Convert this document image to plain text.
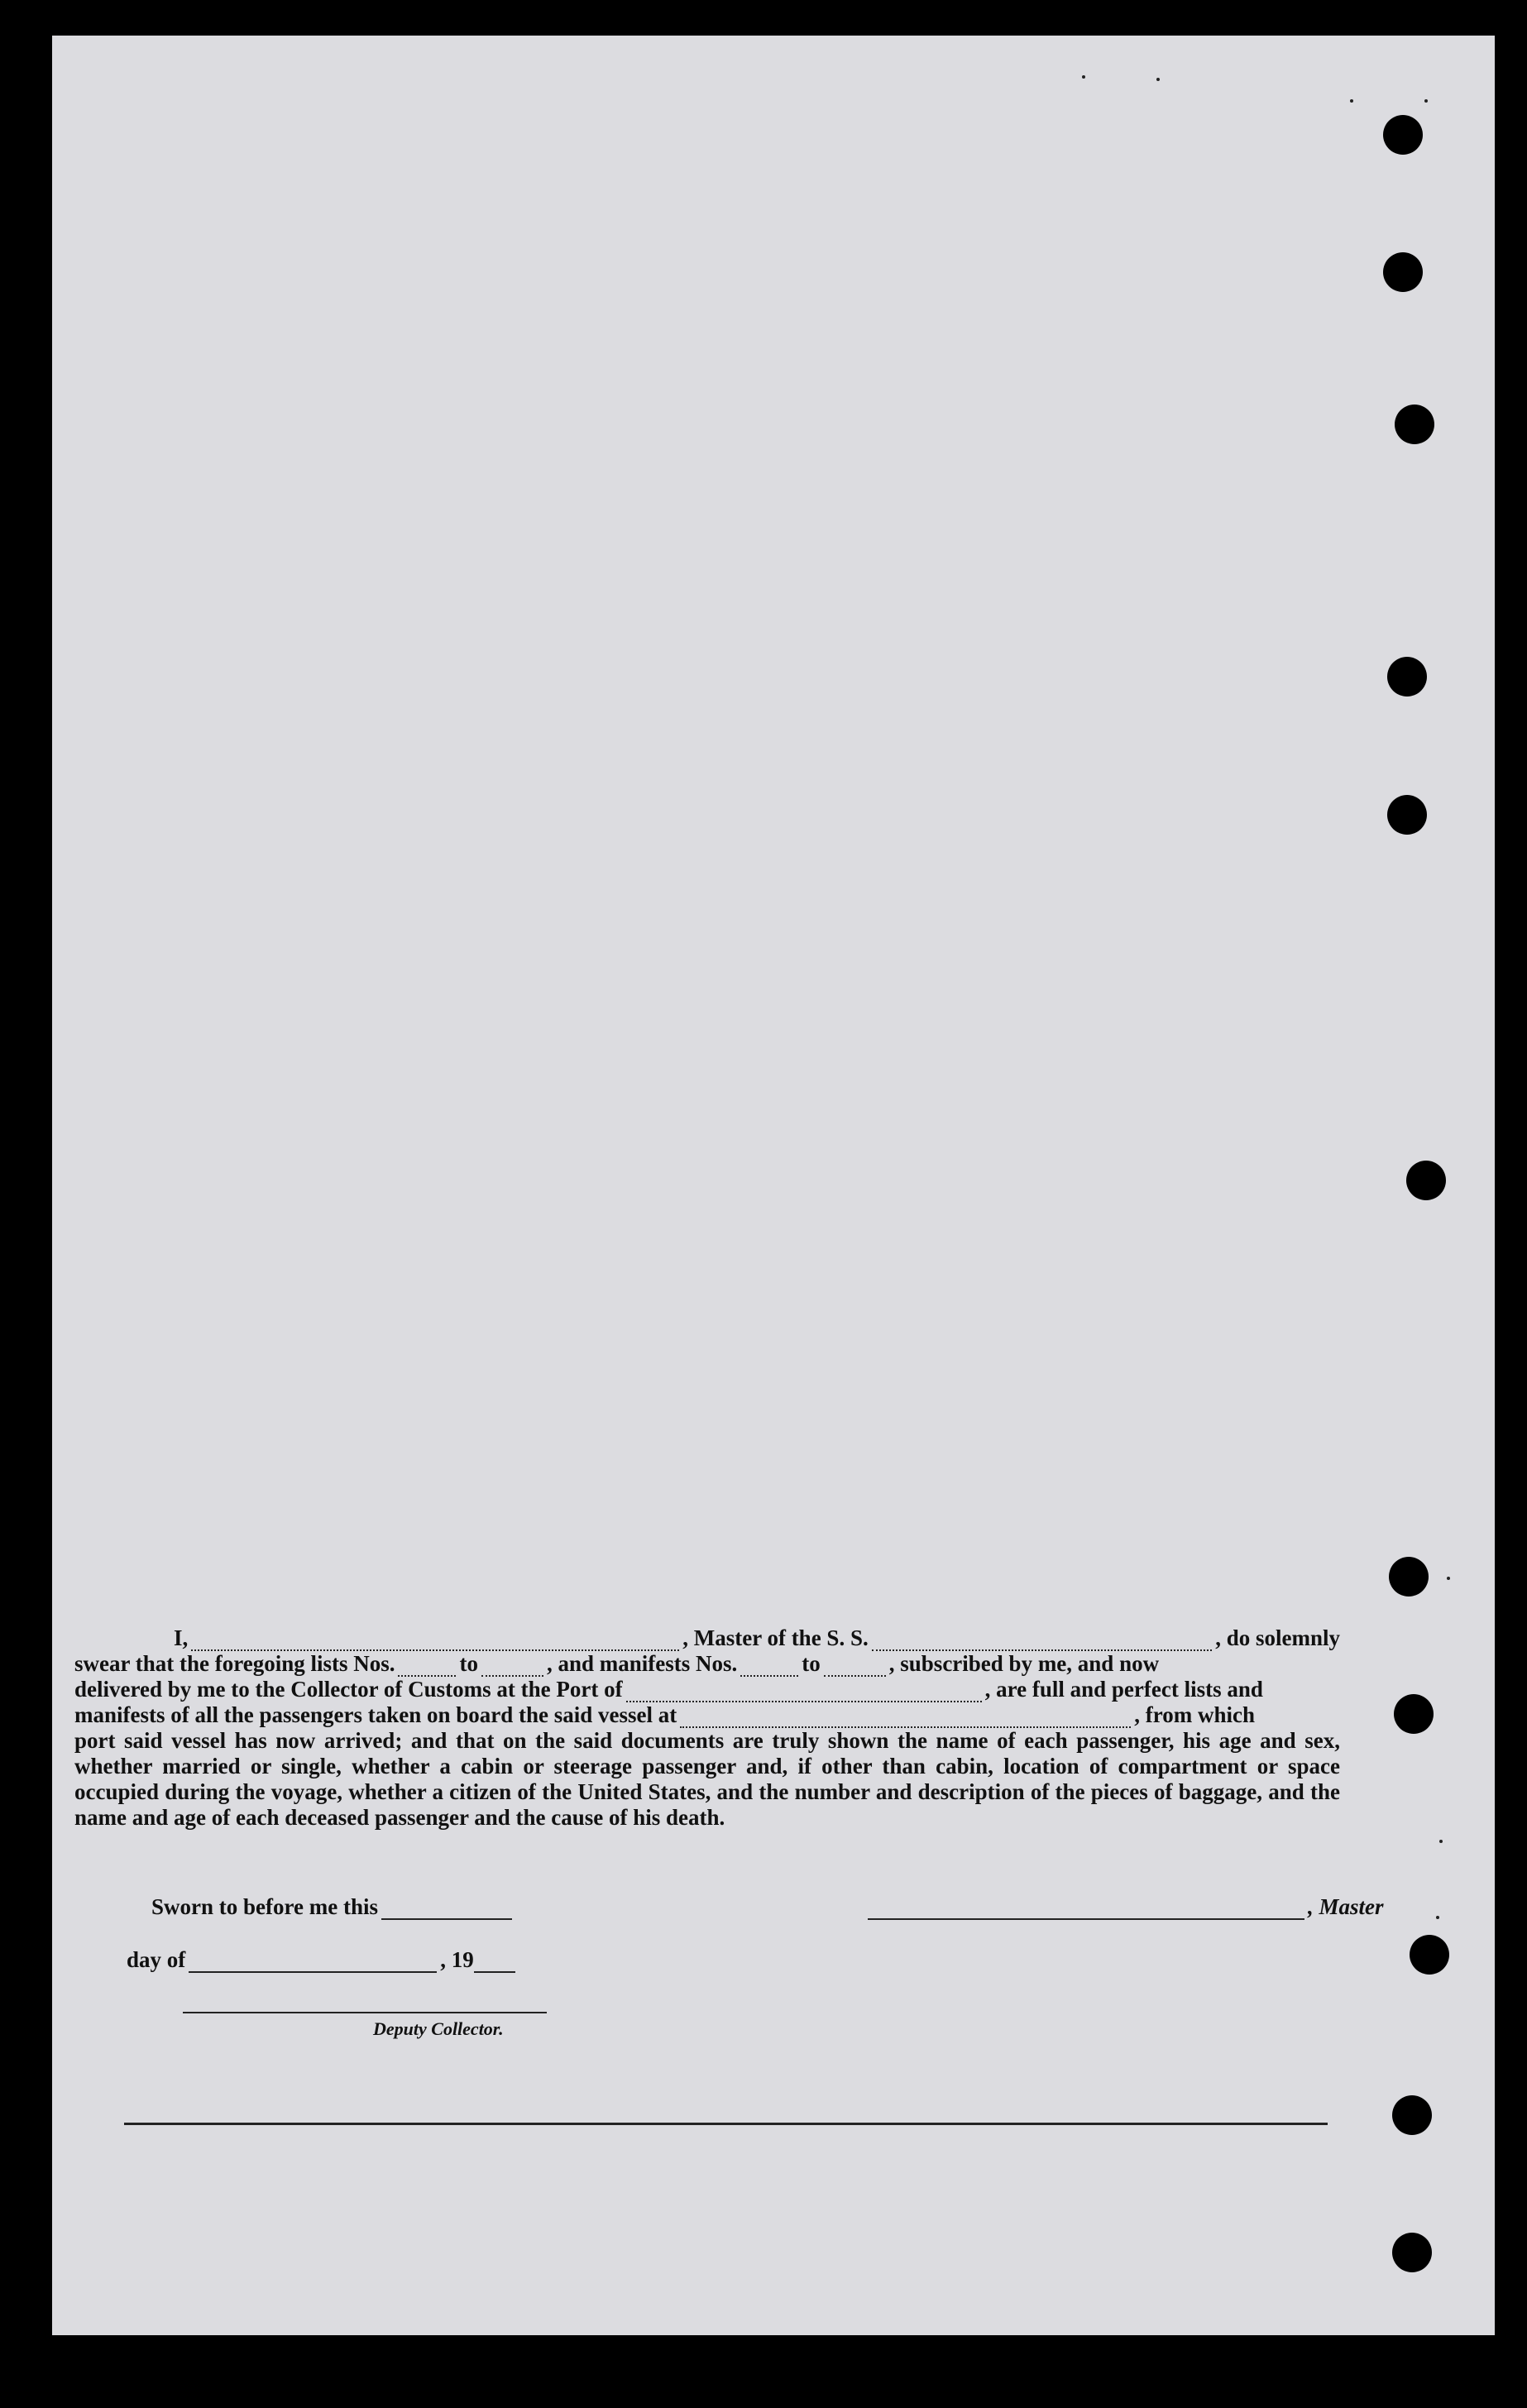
I,	, Master of the S. S.	, do solemnly
swear that the foregoing lists Nos.	to	, and manifests Nos.	to	, subscribed by me, and now
delivered by me to the Collector of Customs at the Port of	, are full and perfect lists and
manifests of all the passengers taken on board the said vessel at	, from which
port said vessel has now arrived; and that on the said documents are truly shown the name of each passenger, his age and sex, whether married or single, whether a cabin or steerage passenger and, if other than cabin, location of compartment or space occupied during the voyage, whether a citizen of the United States, and the number and description of the pieces of baggage, and the name and age of each deceased passenger and the cause of his death.
Sworn to before me this	, Master
day of	, 19
Deputy Collector.
